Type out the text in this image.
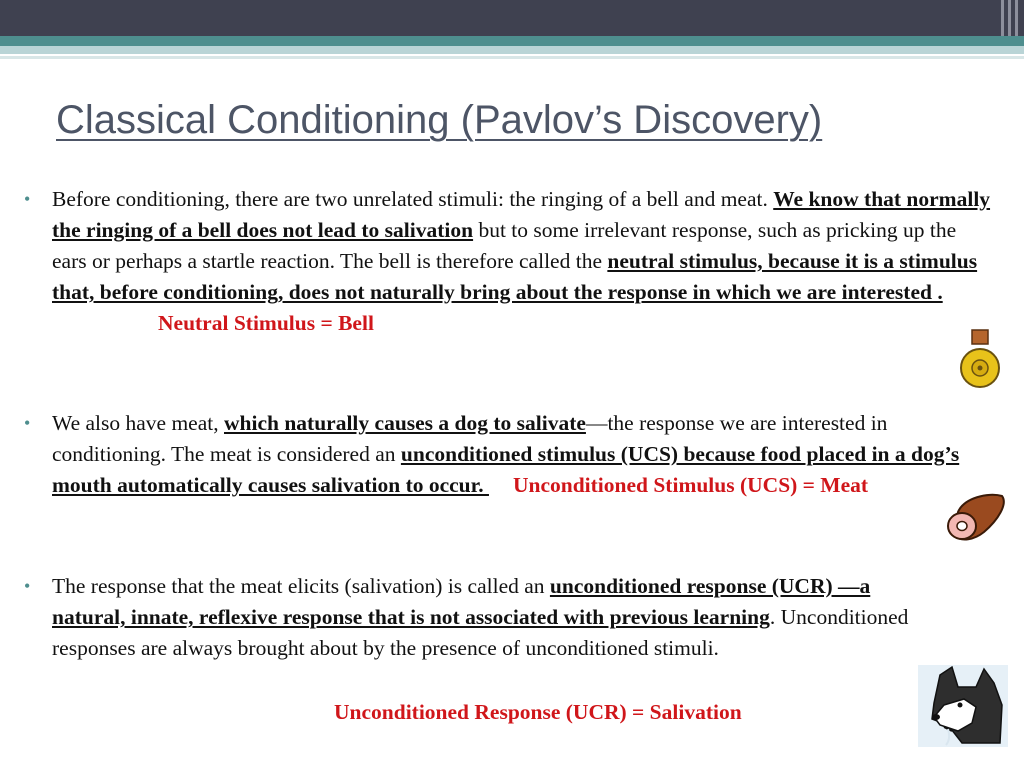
Classical Conditioning (Pavlov’s Discovery)
• Before conditioning, there are two unrelated stimuli: the ringing of a bell and meat. We know that normally the ringing of a bell does not lead to salivation but to some irrelevant response, such as pricking up the ears or perhaps a startle reaction. The bell is therefore called the neutral stimulus, because it is a stimulus that, before conditioning, does not naturally bring about the response in which we are interested .Neutral Stimulus = Bell
• We also have meat, which naturally causes a dog to salivate—the response we are interested in conditioning. The meat is considered an unconditioned stimulus (UCS) because food placed in a dog’s mouth automatically causes salivation to occur. Unconditioned Stimulus (UCS) = Meat
• The response that the meat elicits (salivation) is called an unconditioned response (UCR) —a natural, innate, reflexive response that is not associated with previous learning. Unconditioned responses are always brought about by the presence of unconditioned stimuli.
Unconditioned Response (UCR) = Salivation
